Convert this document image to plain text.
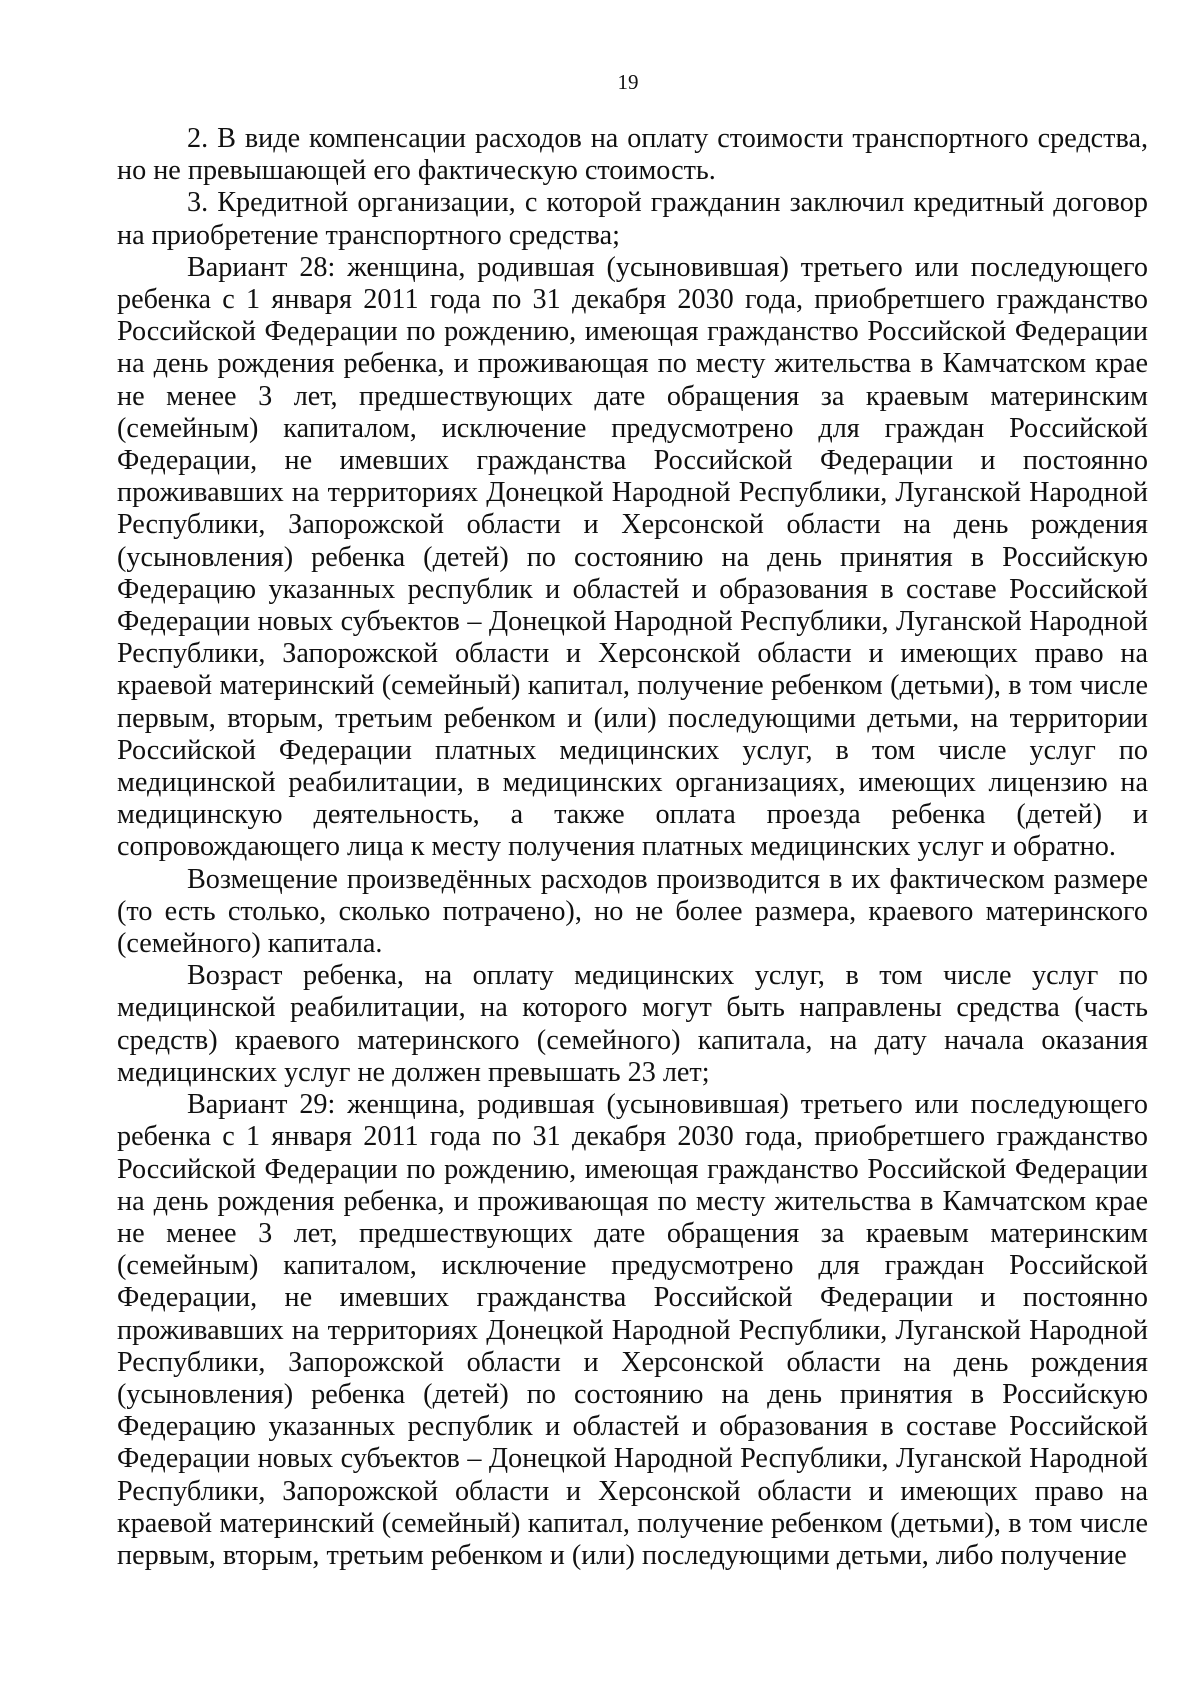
19

2. В виде компенсации расходов на оплату стоимости транспортного средства, но не превышающей его фактическую стоимость.

3. Кредитной организации, с которой гражданин заключил кредитный договор на приобретение транспортного средства;

Вариант 28: женщина, родившая (усыновившая) третьего или последующего ребенка с 1 января 2011 года по 31 декабря 2030 года, приобретшего гражданство Российской Федерации по рождению, имеющая гражданство Российской Федерации на день рождения ребенка, и проживающая по месту жительства в Камчатском крае не менее 3 лет, предшествующих дате обращения за краевым материнским (семейным) капиталом, исключение предусмотрено для граждан Российской Федерации, не имевших гражданства Российской Федерации и постоянно проживавших на территориях Донецкой Народной Республики, Луганской Народной Республики, Запорожской области и Херсонской области на день рождения (усыновления) ребенка (детей) по состоянию на день принятия в Российскую Федерацию указанных республик и областей и образования в составе Российской Федерации новых субъектов – Донецкой Народной Республики, Луганской Народной Республики, Запорожской области и Херсонской области и имеющих право на краевой материнский (семейный) капитал, получение ребенком (детьми), в том числе первым, вторым, третьим ребенком и (или) последующими детьми, на территории Российской Федерации платных медицинских услуг, в том числе услуг по медицинской реабилитации, в медицинских организациях, имеющих лицензию на медицинскую деятельность, а также оплата проезда ребенка (детей) и сопровождающего лица к месту получения платных медицинских услуг и обратно.

Возмещение произведённых расходов производится в их фактическом размере (то есть столько, сколько потрачено), но не более размера, краевого материнского (семейного) капитала.

Возраст ребенка, на оплату медицинских услуг, в том числе услуг по медицинской реабилитации, на которого могут быть направлены средства (часть средств) краевого материнского (семейного) капитала, на дату начала оказания медицинских услуг не должен превышать 23 лет;

Вариант 29: женщина, родившая (усыновившая) третьего или последующего ребенка с 1 января 2011 года по 31 декабря 2030 года, приобретшего гражданство Российской Федерации по рождению, имеющая гражданство Российской Федерации на день рождения ребенка, и проживающая по месту жительства в Камчатском крае не менее 3 лет, предшествующих дате обращения за краевым материнским (семейным) капиталом, исключение предусмотрено для граждан Российской Федерации, не имевших гражданства Российской Федерации и постоянно проживавших на территориях Донецкой Народной Республики, Луганской Народной Республики, Запорожской области и Херсонской области на день рождения (усыновления) ребенка (детей) по состоянию на день принятия в Российскую Федерацию указанных республик и областей и образования в составе Российской Федерации новых субъектов – Донецкой Народной Республики, Луганской Народной Республики, Запорожской области и Херсонской области и имеющих право на краевой материнский (семейный) капитал, получение ребенком (детьми), в том числе первым, вторым, третьим ребенком и (или) последующими детьми, либо получение
